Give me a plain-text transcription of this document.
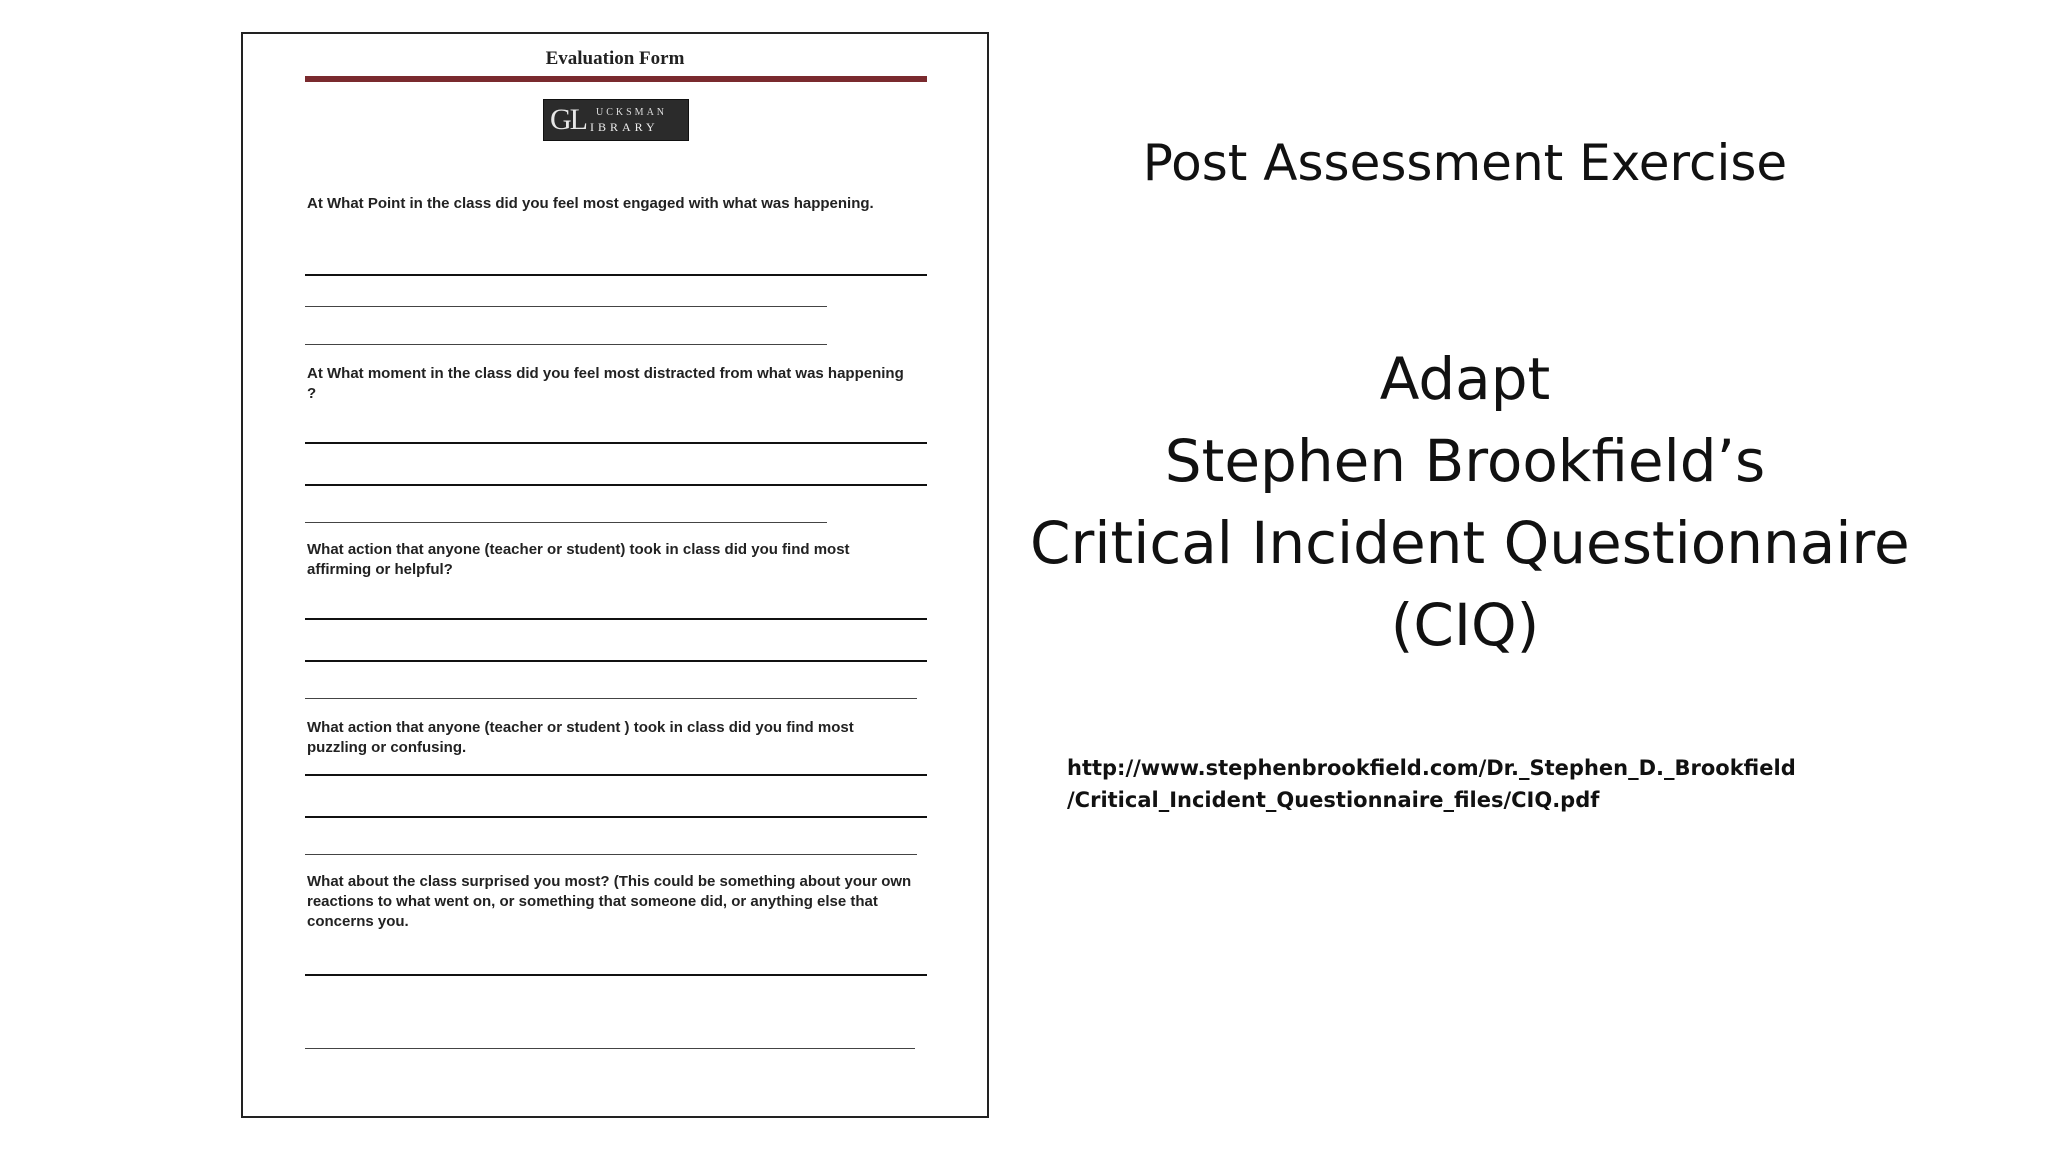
Evaluation Form
GL UCKSMAN
IBRARY
At What Point in the class did you feel most engaged with what was happening.
At What moment in the class did you feel most distracted from what was happening ?
What action that anyone (teacher or student) took in class did you find most affirming or helpful?
What action that anyone (teacher or student ) took in class did you find most puzzling or confusing.
What about the class surprised you most? (This could be something about your own reactions to what went on, or something that someone did, or anything else that concerns you.
Post Assessment Exercise
Adapt
Stephen Brookfield’s
Critical Incident Questionnaire
(CIQ)
http://www.stephenbrookfield.com/Dr._Stephen_D._Brookfield
/Critical_Incident_Questionnaire_files/CIQ.pdf
